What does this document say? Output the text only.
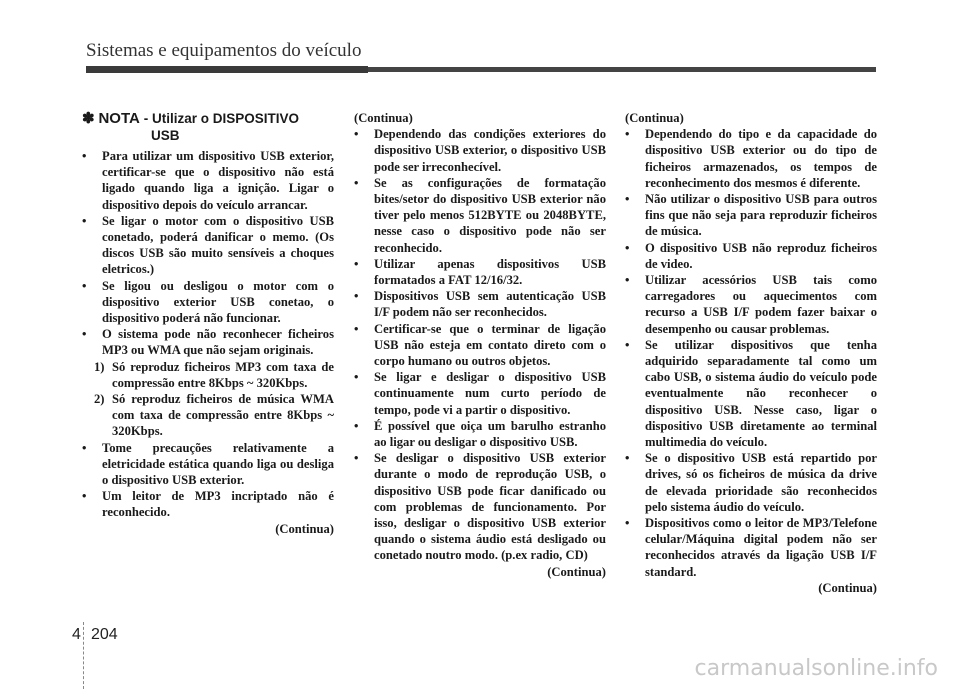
Sistemas e equipamentos do veículo
✽ NOTA - Utilizar o DISPOSITIVO
USB
• Para utilizar um dispositivo USB exterior, certificar-se que o dispositivo não está ligado quando liga a ignição. Ligar o dispositivo depois do veículo arrancar.
• Se ligar o motor com o dispositivo USB conetado, poderá danificar o memo. (Os discos USB são muito sensíveis a choques eletricos.)
• Se ligou ou desligou o motor com o dispositivo exterior USB conetao, o dispositivo poderá não funcionar.
• O sistema pode não reconhecer ficheiros MP3 ou WMA que não sejam originais.
1) Só reproduz ficheiros MP3 com taxa de compressão entre 8Kbps ~ 320Kbps.
2) Só reproduz ficheiros de música WMA com taxa de compressão entre 8Kbps ~ 320Kbps.
• Tome precauções relativamente a eletricidade estática quando liga ou desliga o dispositivo USB exterior.
• Um leitor de MP3 incriptado não é reconhecido.
(Continua)
(Continua)
• Dependendo das condições exteriores do dispositivo USB exterior, o dispositivo USB pode ser irreconhecível.
• Se as configurações de formatação bites/setor do dispositivo USB exterior não tiver pelo menos 512BYTE ou 2048BYTE, nesse caso o dispositivo pode não ser reconhecido.
• Utilizar apenas dispositivos USB formatados a FAT 12/16/32.
• Dispositivos USB sem autenticação USB I/F podem não ser reconhecidos.
• Certificar-se que o terminar de ligação USB não esteja em contato direto com o corpo humano ou outros objetos.
• Se ligar e desligar o dispositivo USB continuamente num curto período de tempo, pode vi a partir o dispositivo.
• É possível que oiça um barulho estranho ao ligar ou desligar o dispositivo USB.
• Se desligar o dispositivo USB exterior durante o modo de reprodução USB, o dispositivo USB pode ficar danificado ou com problemas de funcionamento. Por isso, desligar o dispositivo USB exterior quando o sistema áudio está desligado ou conetado noutro modo. (p.ex radio, CD)
(Continua)
(Continua)
• Dependendo do tipo e da capacidade do dispositivo USB exterior ou do tipo de ficheiros armazenados, os tempos de reconhecimento dos mesmos é diferente.
• Não utilizar o dispositivo USB para outros fins que não seja para reproduzir ficheiros de música.
• O dispositivo USB não reproduz ficheiros de video.
• Utilizar acessórios USB tais como carregadores ou aquecimentos com recurso a USB I/F podem fazer baixar o desempenho ou causar problemas.
• Se utilizar dispositivos que tenha adquirido separadamente tal como um cabo USB, o sistema áudio do veículo pode eventualmente não reconhecer o dispositivo USB. Nesse caso, ligar o dispositivo USB diretamente ao terminal multimedia do veículo.
• Se o dispositivo USB está repartido por drives, só os ficheiros de música da drive de elevada prioridade são reconhecidos pelo sistema áudio do veículo.
• Dispositivos como o leitor de MP3/Telefone celular/Máquina digital podem não ser reconhecidos através da ligação USB I/F standard.
(Continua)
4 204
carmanualsonline.info
